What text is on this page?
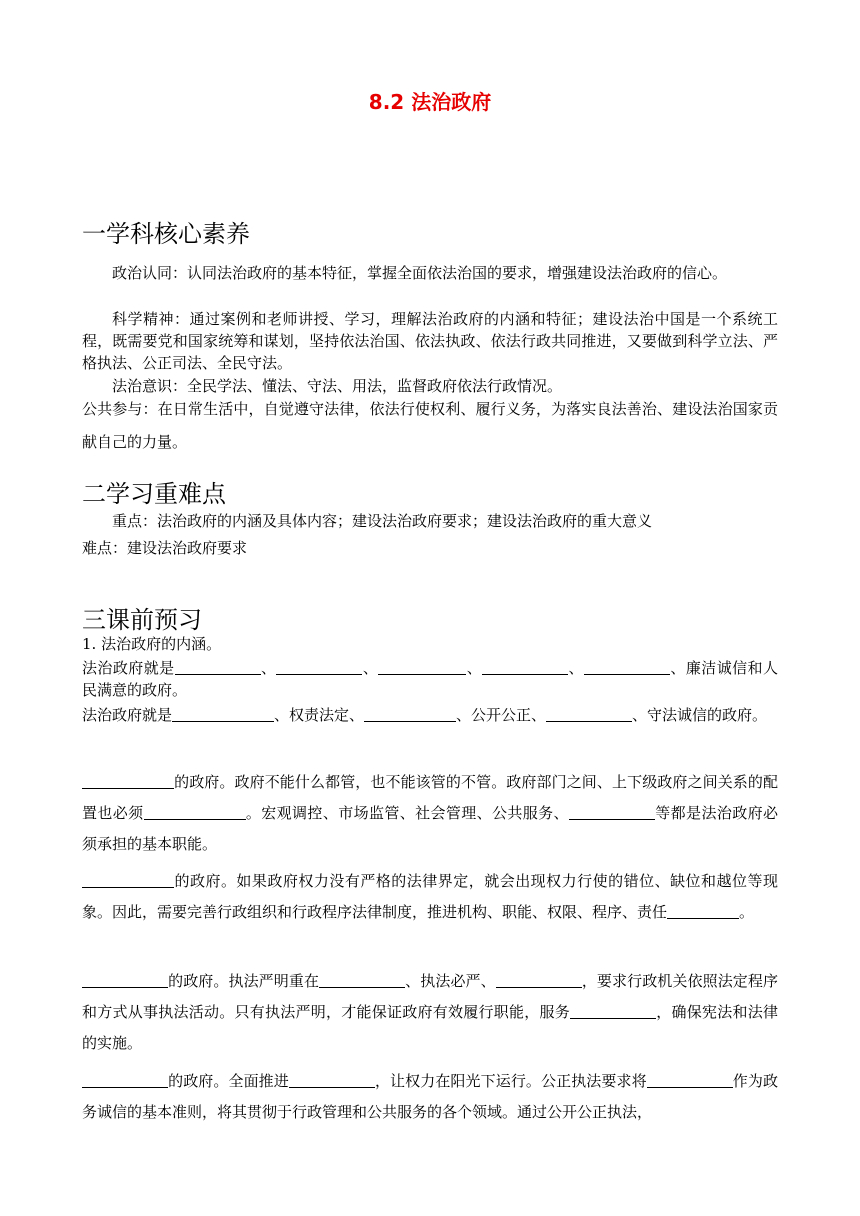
8.2 法治政府
一学科核心素养

政治认同：认同法治政府的基本特征，掌握全面依法治国的要求，增强建设法治政府的信心。

科学精神：通过案例和老师讲授、学习，理解法治政府的内涵和特征；建设法治中国是一个系统工程，既需要党和国家统筹和谋划，坚持依法治国、依法执政、依法行政共同推进，又要做到科学立法、严格执法、公正司法、全民守法。

法治意识：全民学法、懂法、守法、用法，监督政府依法行政情况。

公共参与：在日常生活中，自觉遵守法律，依法行使权利、履行义务，为落实良法善治、建设法治国家贡献自己的力量。

二学习重难点

重点：法治政府的内涵及具体内容；建设法治政府要求；建设法治政府的重大意义

难点：建设法治政府要求

三课前预习

1. 法治政府的内涵。

法治政府就是	、	、	、	、	、廉洁诚信和人民满意的政府。

法治政府就是	、权责法定、	、公开公正、	、守法诚信的政府。

的政府。政府不能什么都管，也不能该管的不管。政府部门之间、上下级政府之间关系的配置也必须	。宏观调控、市场监管、社会管理、公共服务、	等都是法治政府必须承担的基本职能。

的政府。如果政府权力没有严格的法律界定，就会出现权力行使的错位、缺位和越位等现象。因此，需要完善行政组织和行政程序法律制度，推进机构、职能、权限、程序、责任	。

的政府。执法严明重在	、执法必严、	，要求行政机关依照法定程序和方式从事执法活动。只有执法严明，才能保证政府有效履行职能，服务	，确保宪法和法律的实施。

的政府。全面推进	，让权力在阳光下运行。公正执法要求将	作为政务诚信的基本准则，将其贯彻于行政管理和公共服务的各个领域。通过公开公正执法，
